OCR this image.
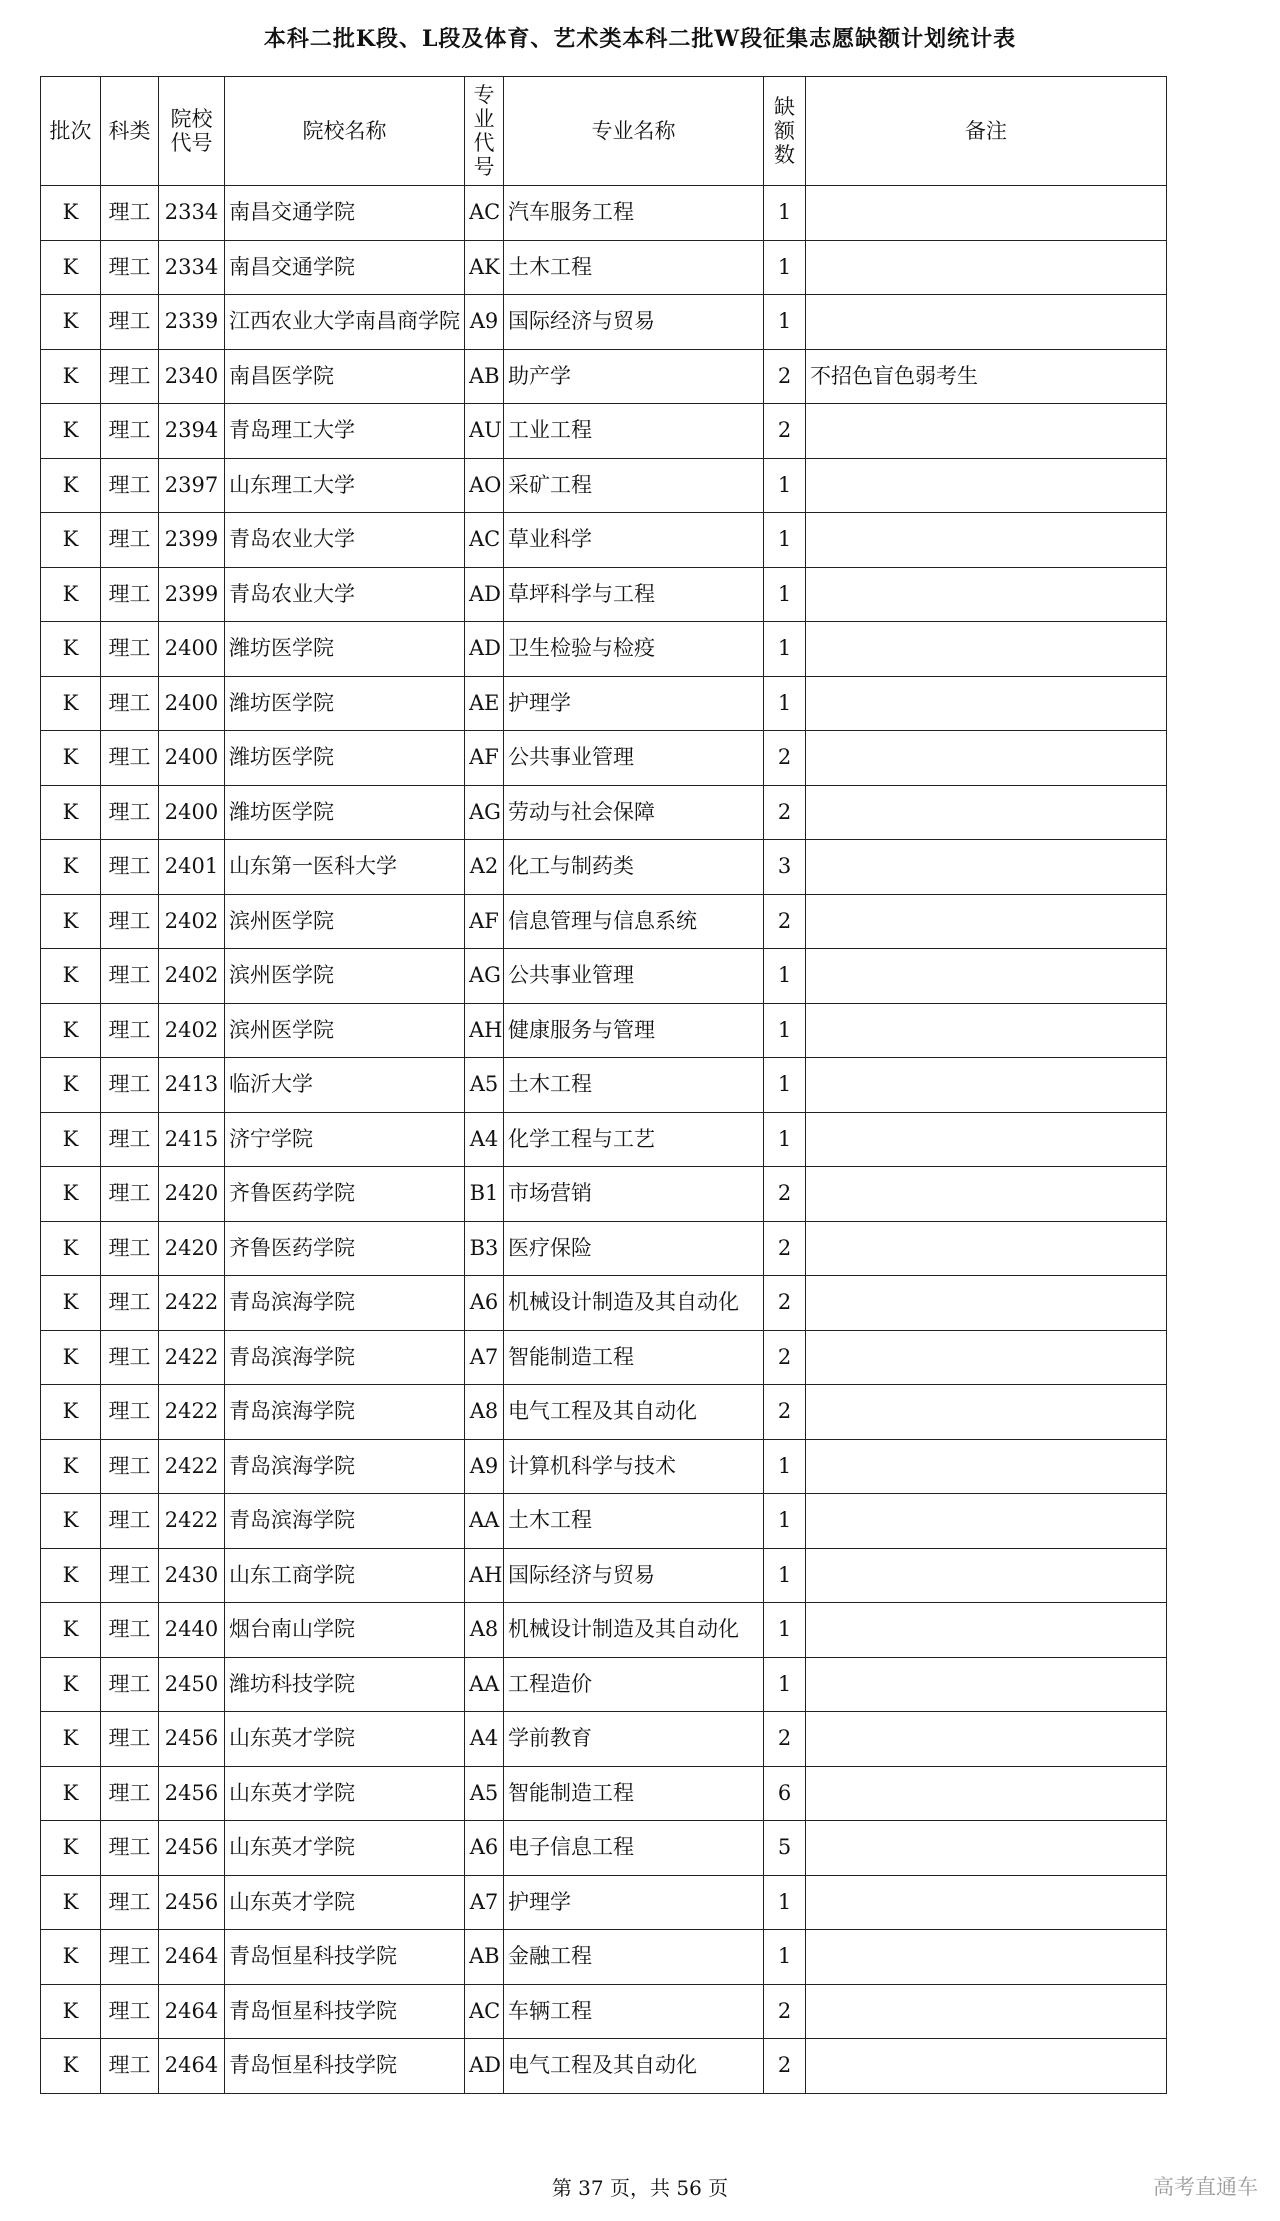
本科二批K段、L段及体育、艺术类本科二批W段征集志愿缺额计划统计表
批次	科类	院校代号	院校名称	专业代号	专业名称	缺额数	备注
K	理工	2334	南昌交通学院	AC	汽车服务工程	1	
K	理工	2334	南昌交通学院	AK	土木工程	1	
K	理工	2339	江西农业大学南昌商学院	A9	国际经济与贸易	1	
K	理工	2340	南昌医学院	AB	助产学	2	不招色盲色弱考生
K	理工	2394	青岛理工大学	AU	工业工程	2	
K	理工	2397	山东理工大学	AO	采矿工程	1	
K	理工	2399	青岛农业大学	AC	草业科学	1	
K	理工	2399	青岛农业大学	AD	草坪科学与工程	1	
K	理工	2400	潍坊医学院	AD	卫生检验与检疫	1	
K	理工	2400	潍坊医学院	AE	护理学	1	
K	理工	2400	潍坊医学院	AF	公共事业管理	2	
K	理工	2400	潍坊医学院	AG	劳动与社会保障	2	
K	理工	2401	山东第一医科大学	A2	化工与制药类	3	
K	理工	2402	滨州医学院	AF	信息管理与信息系统	2	
K	理工	2402	滨州医学院	AG	公共事业管理	1	
K	理工	2402	滨州医学院	AH	健康服务与管理	1	
K	理工	2413	临沂大学	A5	土木工程	1	
K	理工	2415	济宁学院	A4	化学工程与工艺	1	
K	理工	2420	齐鲁医药学院	B1	市场营销	2	
K	理工	2420	齐鲁医药学院	B3	医疗保险	2	
K	理工	2422	青岛滨海学院	A6	机械设计制造及其自动化	2	
K	理工	2422	青岛滨海学院	A7	智能制造工程	2	
K	理工	2422	青岛滨海学院	A8	电气工程及其自动化	2	
K	理工	2422	青岛滨海学院	A9	计算机科学与技术	1	
K	理工	2422	青岛滨海学院	AA	土木工程	1	
K	理工	2430	山东工商学院	AH	国际经济与贸易	1	
K	理工	2440	烟台南山学院	A8	机械设计制造及其自动化	1	
K	理工	2450	潍坊科技学院	AA	工程造价	1	
K	理工	2456	山东英才学院	A4	学前教育	2	
K	理工	2456	山东英才学院	A5	智能制造工程	6	
K	理工	2456	山东英才学院	A6	电子信息工程	5	
K	理工	2456	山东英才学院	A7	护理学	1	
K	理工	2464	青岛恒星科技学院	AB	金融工程	1	
K	理工	2464	青岛恒星科技学院	AC	车辆工程	2	
K	理工	2464	青岛恒星科技学院	AD	电气工程及其自动化	2	
第 37 页，共 56 页	高考直通车
